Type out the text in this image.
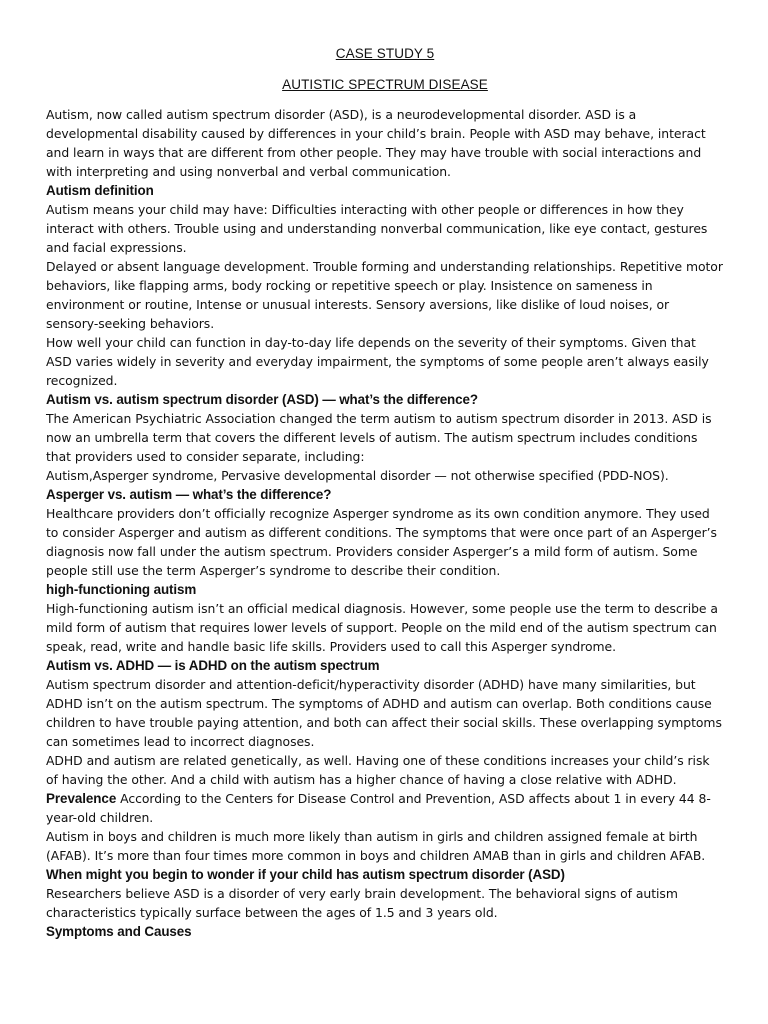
CASE STUDY 5

AUTISTIC SPECTRUM DISEASE

Autism, now called autism spectrum disorder (ASD), is a neurodevelopmental disorder. ASD is a developmental disability caused by differences in your child’s brain. People with ASD may behave, interact and learn in ways that are different from other people. They may have trouble with social interactions and with interpreting and using nonverbal and verbal communication.

Autism definition

Autism means your child may have: Difficulties interacting with other people or differences in how they interact with others. Trouble using and understanding nonverbal communication, like eye contact, gestures and facial expressions.

Delayed or absent language development. Trouble forming and understanding relationships. Repetitive motor behaviors, like flapping arms, body rocking or repetitive speech or play. Insistence on sameness in environment or routine, Intense or unusual interests. Sensory aversions, like dislike of loud noises, or sensory-seeking behaviors.

How well your child can function in day-to-day life depends on the severity of their symptoms. Given that ASD varies widely in severity and everyday impairment, the symptoms of some people aren’t always easily recognized.

Autism vs. autism spectrum disorder (ASD) — what’s the difference?

The American Psychiatric Association changed the term autism to autism spectrum disorder in 2013. ASD is now an umbrella term that covers the different levels of autism. The autism spectrum includes conditions that providers used to consider separate, including:

Autism,Asperger syndrome, Pervasive developmental disorder — not otherwise specified (PDD-NOS).

Asperger vs. autism — what’s the difference?

Healthcare providers don’t officially recognize Asperger syndrome as its own condition anymore. They used to consider Asperger and autism as different conditions. The symptoms that were once part of an Asperger’s diagnosis now fall under the autism spectrum. Providers consider Asperger’s a mild form of autism. Some people still use the term Asperger’s syndrome to describe their condition.

high-functioning autism

High-functioning autism isn’t an official medical diagnosis. However, some people use the term to describe a mild form of autism that requires lower levels of support. People on the mild end of the autism spectrum can speak, read, write and handle basic life skills. Providers used to call this Asperger syndrome.

Autism vs. ADHD — is ADHD on the autism spectrum

Autism spectrum disorder and attention-deficit/hyperactivity disorder (ADHD) have many similarities, but ADHD isn’t on the autism spectrum. The symptoms of ADHD and autism can overlap. Both conditions cause children to have trouble paying attention, and both can affect their social skills. These overlapping symptoms can sometimes lead to incorrect diagnoses.

ADHD and autism are related genetically, as well. Having one of these conditions increases your child’s risk of having the other. And a child with autism has a higher chance of having a close relative with ADHD.

Prevalence According to the Centers for Disease Control and Prevention, ASD affects about 1 in every 44 8-year-old children.

Autism in boys and children is much more likely than autism in girls and children assigned female at birth (AFAB). It’s more than four times more common in boys and children AMAB than in girls and children AFAB.

When might you begin to wonder if your child has autism spectrum disorder (ASD)

Researchers believe ASD is a disorder of very early brain development. The behavioral signs of autism characteristics typically surface between the ages of 1.5 and 3 years old.

Symptoms and Causes
